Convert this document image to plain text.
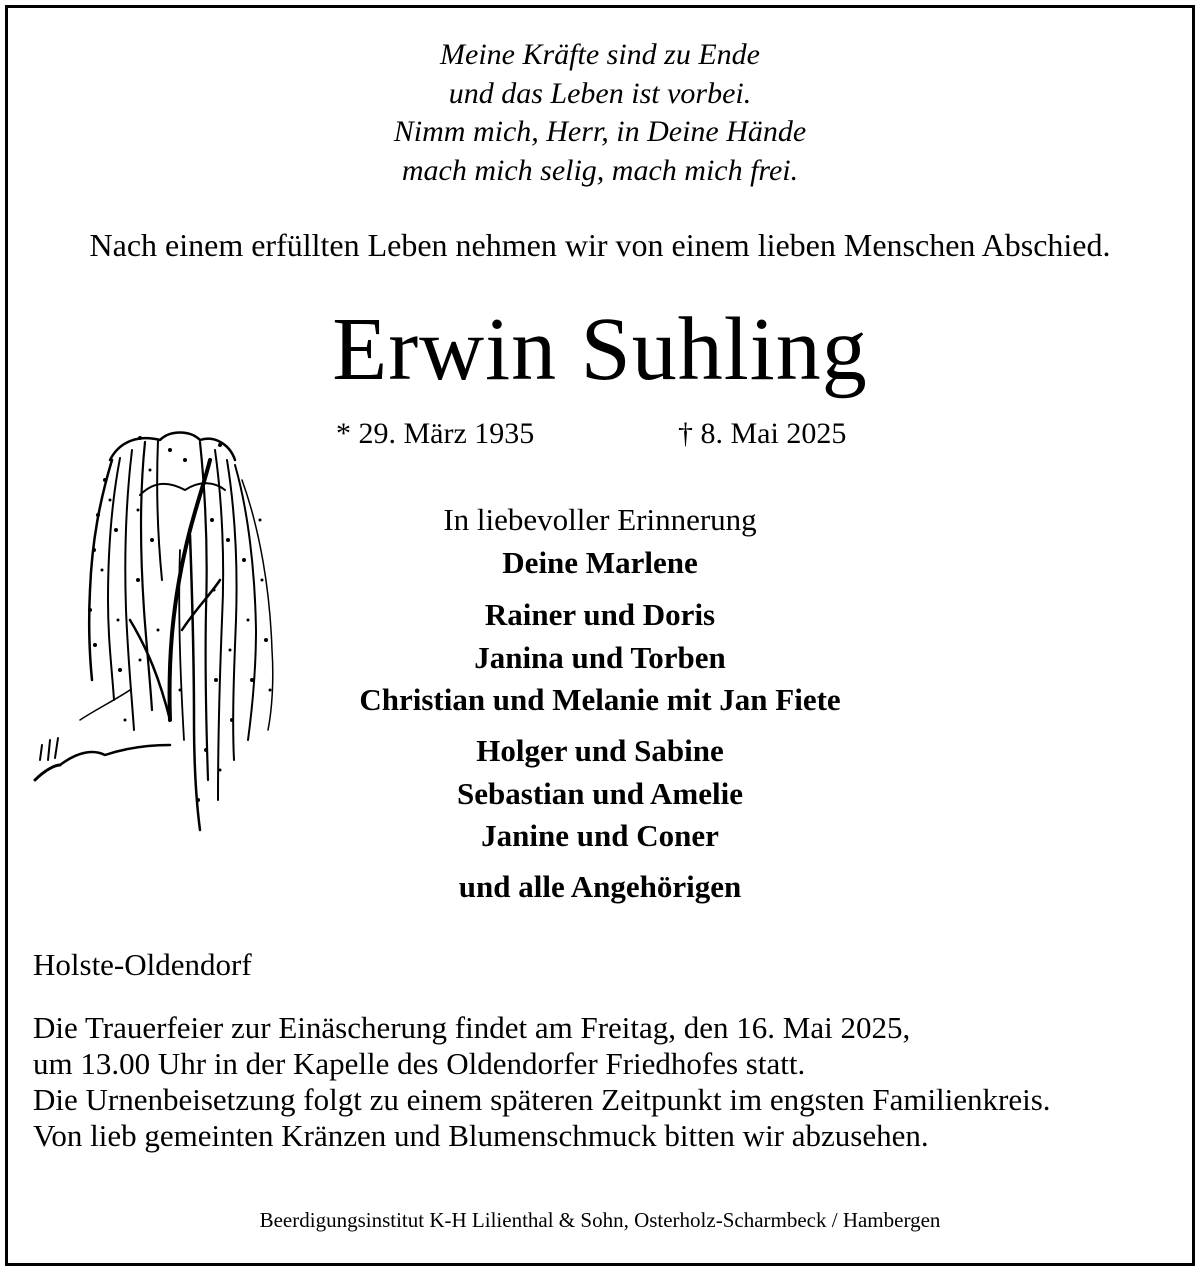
Meine Kräfte sind zu Ende
und das Leben ist vorbei.
Nimm mich, Herr, in Deine Hände
mach mich selig, mach mich frei.
Nach einem erfüllten Leben nehmen wir von einem lieben Menschen Abschied.
Erwin Suhling
* 29. März 1935	† 8. Mai 2025
In liebevoller Erinnerung
Deine Marlene
Rainer und Doris
Janina und Torben
Christian und Melanie mit Jan Fiete
Holger und Sabine
Sebastian und Amelie
Janine und Coner
und alle Angehörigen
Holste-Oldendorf
Die Trauerfeier zur Einäscherung findet am Freitag, den 16. Mai 2025,
um 13.00 Uhr in der Kapelle des Oldendorfer Friedhofes statt.
Die Urnenbeisetzung folgt zu einem späteren Zeitpunkt im engsten Familienkreis.
Von lieb gemeinten Kränzen und Blumenschmuck bitten wir abzusehen.
Beerdigungsinstitut K-H Lilienthal & Sohn, Osterholz-Scharmbeck / Hambergen
